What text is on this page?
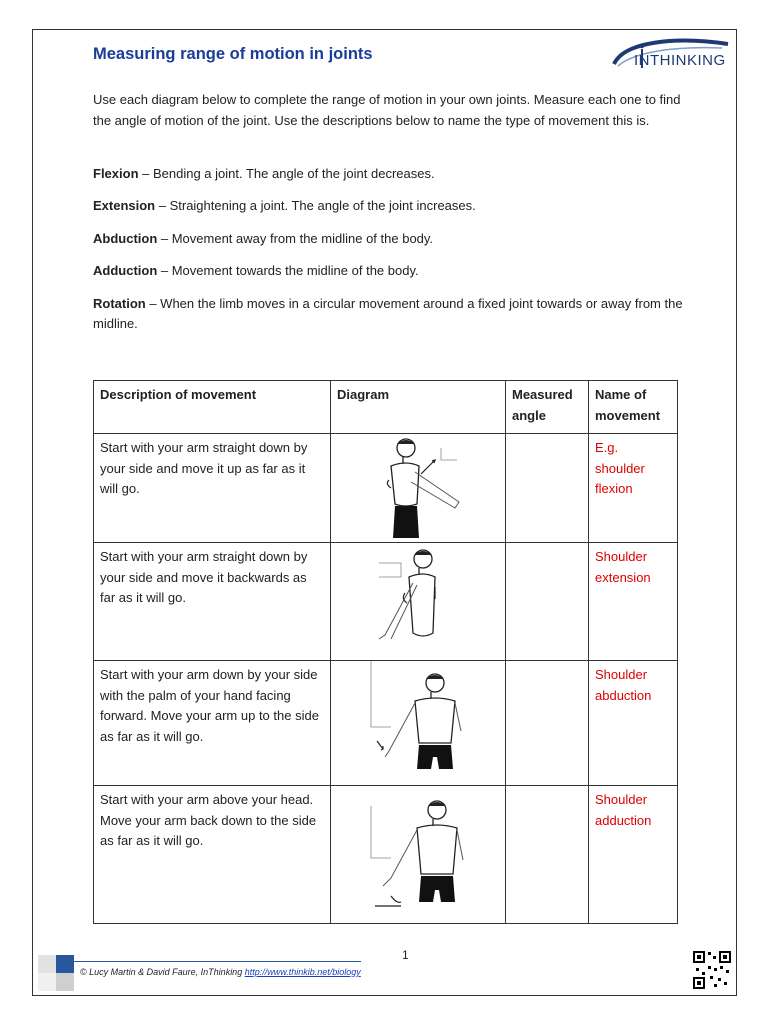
Measuring range of motion in joints	INTHINKING

Use each diagram below to complete the range of motion in your own joints. Measure each one to find the angle of motion of the joint. Use the descriptions below to name the type of movement this is.

Flexion – Bending a joint. The angle of the joint decreases.

Extension – Straightening a joint. The angle of the joint increases.

Abduction – Movement away from the midline of the body.

Adduction – Movement towards the midline of the body.

Rotation – When the limb moves in a circular movement around a fixed joint towards or away from the midline.

Description of movement	Diagram	Measured angle	Name of movement
Start with your arm straight down by your side and move it up as far as it will go.			E.g. shoulder flexion
Start with your arm straight down by your side and move it backwards as far as it will go.			Shoulder extension
Start with your arm down by your side with the palm of your hand facing forward. Move your arm up to the side as far as it will go.			Shoulder abduction
Start with your arm above your head. Move your arm back down to the side as far as it will go.			Shoulder adduction
1
© Lucy Martin & David Faure, InThinking http://www.thinkib.net/biology
